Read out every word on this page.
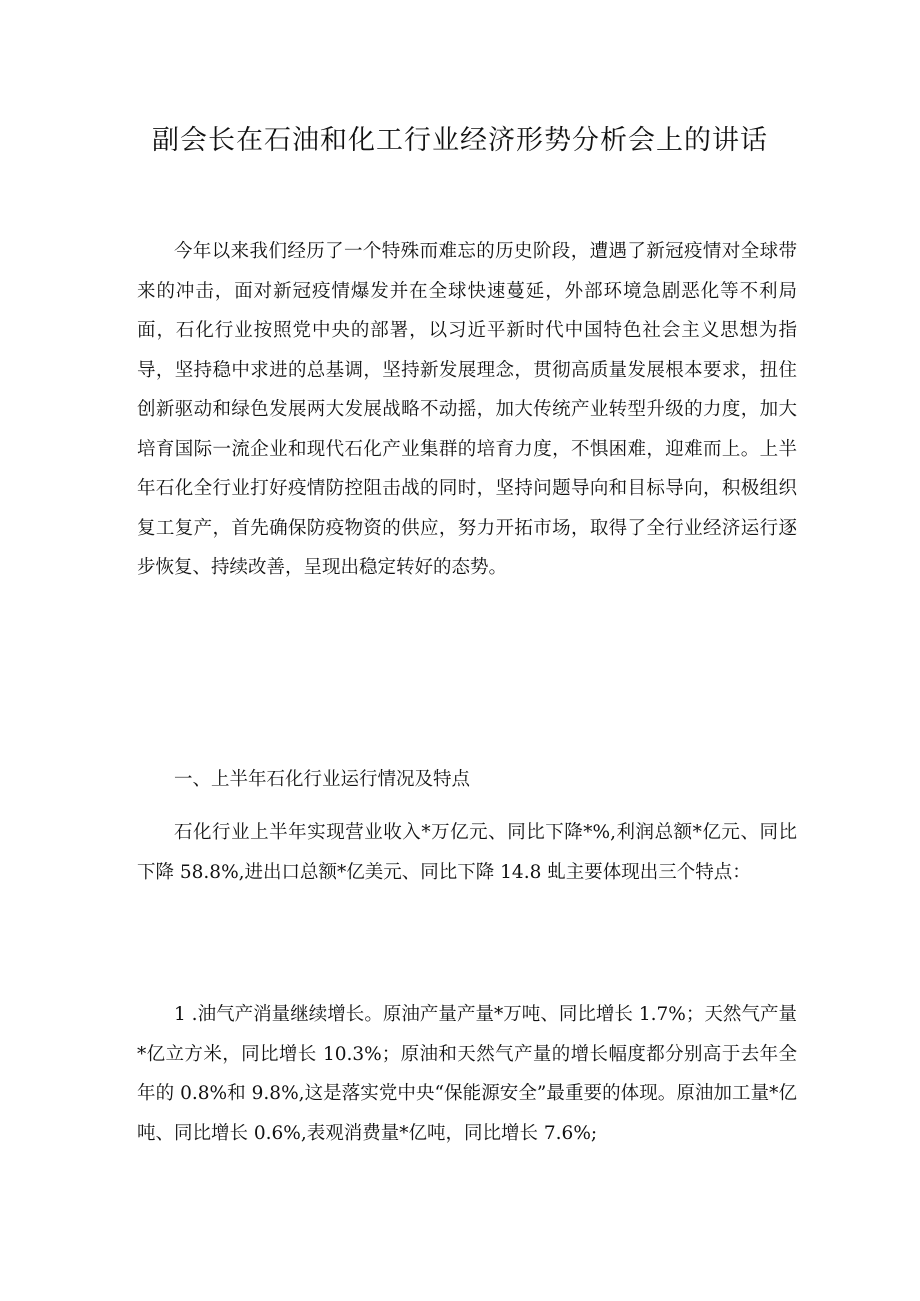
副会长在石油和化工行业经济形势分析会上的讲话

今年以来我们经历了一个特殊而难忘的历史阶段，遭遇了新冠疫情对全球带来的冲击，面对新冠疫情爆发并在全球快速蔓延，外部环境急剧恶化等不利局面，石化行业按照党中央的部署，以习近平新时代中国特色社会主义思想为指导，坚持稳中求进的总基调，坚持新发展理念，贯彻高质量发展根本要求，扭住创新驱动和绿色发展两大发展战略不动摇，加大传统产业转型升级的力度，加大培育国际一流企业和现代石化产业集群的培育力度，不惧困难，迎难而上。上半年石化全行业打好疫情防控阻击战的同时，坚持问题导向和目标导向，积极组织复工复产，首先确保防疫物资的供应，努力开拓市场，取得了全行业经济运行逐步恢复、持续改善，呈现出稳定转好的态势。

一、上半年石化行业运行情况及特点

石化行业上半年实现营业收入*万亿元、同比下降*%,利润总额*亿元、同比下降 58.8%,进出口总额*亿美元、同比下降 14.8 虬主要体现出三个特点：

1 .油气产消量继续增长。原油产量产量*万吨、同比增长 1.7%；天然气产量*亿立方米，同比增长 10.3%；原油和天然气产量的增长幅度都分别高于去年全年的 0.8%和 9.8%,这是落实党中央“保能源安全”最重要的体现。原油加工量*亿吨、同比增长 0.6%,表观消费量*亿吨，同比增长 7.6%;
